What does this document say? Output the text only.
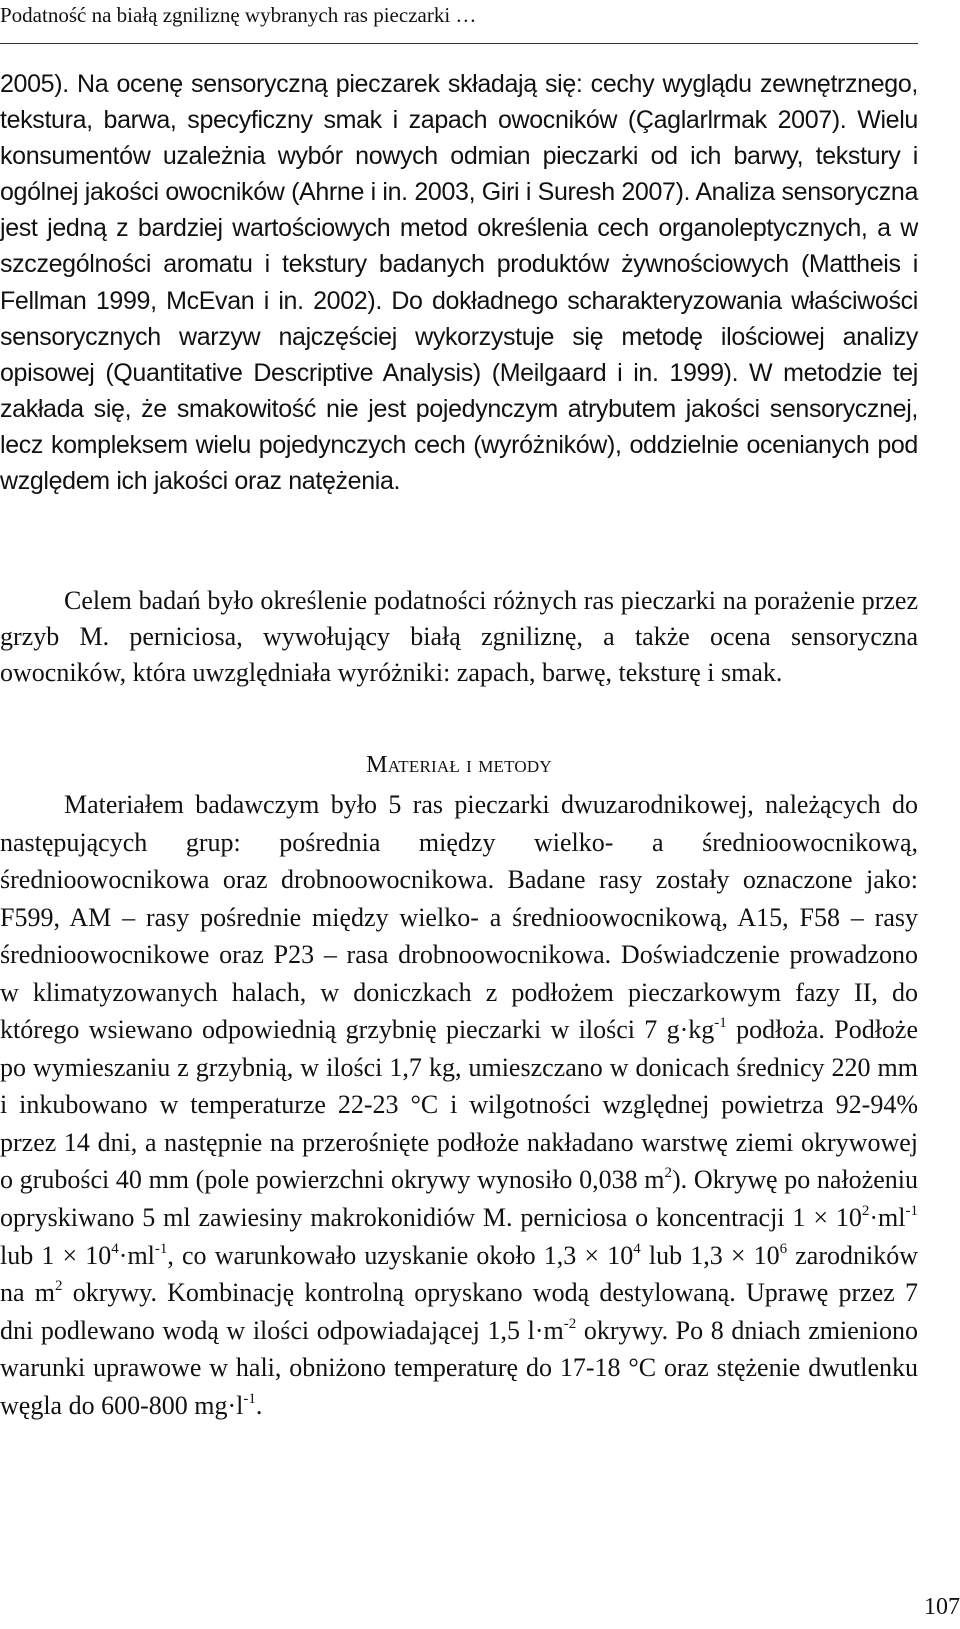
Podatność na białą zgniliznę wybranych ras pieczarki …

2005). Na ocenę sensoryczną pieczarek składają się: cechy wyglądu zewnętrznego, tekstura, barwa, specyficzny smak i zapach owocników (Çaglarlrmak 2007). Wielu konsumentów uzależnia wybór nowych odmian pieczarki od ich barwy, tekstury i ogólnej jakości owocników (Ahrne i in. 2003, Giri i Suresh 2007). Analiza sensoryczna jest jedną z bardziej wartościowych metod określenia cech organoleptycznych, a w szczególności aromatu i tekstury badanych produktów żywnościowych (Mattheis i Fellman 1999, McEvan i in. 2002). Do dokładnego scharakteryzowania właściwości sensorycznych warzyw najczęściej wykorzystuje się metodę ilościowej analizy opisowej (Quantitative Descriptive Analysis) (Meilgaard i in. 1999). W metodzie tej zakłada się, że smakowitość nie jest pojedynczym atrybutem jakości sensorycznej, lecz kompleksem wielu pojedynczych cech (wyróżników), oddzielnie ocenianych pod względem ich jakości oraz natężenia.

Celem badań było określenie podatności różnych ras pieczarki na porażenie przez grzyb M. perniciosa, wywołujący białą zgniliznę, a także ocena sensoryczna owocników, która uwzględniała wyróżniki: zapach, barwę, teksturę i smak.

Materiał i metody

Materiałem badawczym było 5 ras pieczarki dwuzarodnikowej, należących do następujących grup: pośrednia między wielko- a średnioowocnikową, średnioowocnikowa oraz drobnoowocnikowa. Badane rasy zostały oznaczone jako: F599, AM – rasy pośrednie między wielko- a średnioowocnikową, A15, F58 – rasy średnioowocnikowe oraz P23 – rasa drobnoowocnikowa. Doświadczenie prowadzono w klimatyzowanych halach, w doniczkach z podłożem pieczarkowym fazy II, do którego wsiewano odpowiednią grzybnię pieczarki w ilości 7 $g\cdot kg^{-1}$ podłoża. Podłoże po wymieszaniu z grzybnią, w ilości 1,7 kg, umieszczano w donicach średnicy 220 mm i inkubowano w temperaturze 22-23 °C i wilgotności względnej powietrza 92-94% przez 14 dni, a następnie na przerośnięte podłoże nakładano warstwę ziemi okrywowej o grubości 40 mm (pole powierzchni okrywy wynosiło 0,038 $m^2$). Okrywę po nałożeniu opryskiwano 5 ml zawiesiny makrokonidiów M. perniciosa o koncentracji $1 \times 10^2\cdot ml^{-1}$ lub $1 \times 10^4\cdot ml^{-1}$, co warunkowało uzyskanie około $1,3 \times 10^4$ lub $1,3 \times 10^6$ zarodników na $m^2$ okrywy. Kombinację kontrolną opryskano wodą destylowaną. Uprawę przez 7 dni podlewano wodą w ilości odpowiadającej 1,5 $l\cdot m^{-2}$ okrywy. Po 8 dniach zmieniono warunki uprawowe w hali, obniżono temperaturę do 17-18 °C oraz stężenie dwutlenku węgla do 600-800 $mg\cdot l^{-1}$.

107
